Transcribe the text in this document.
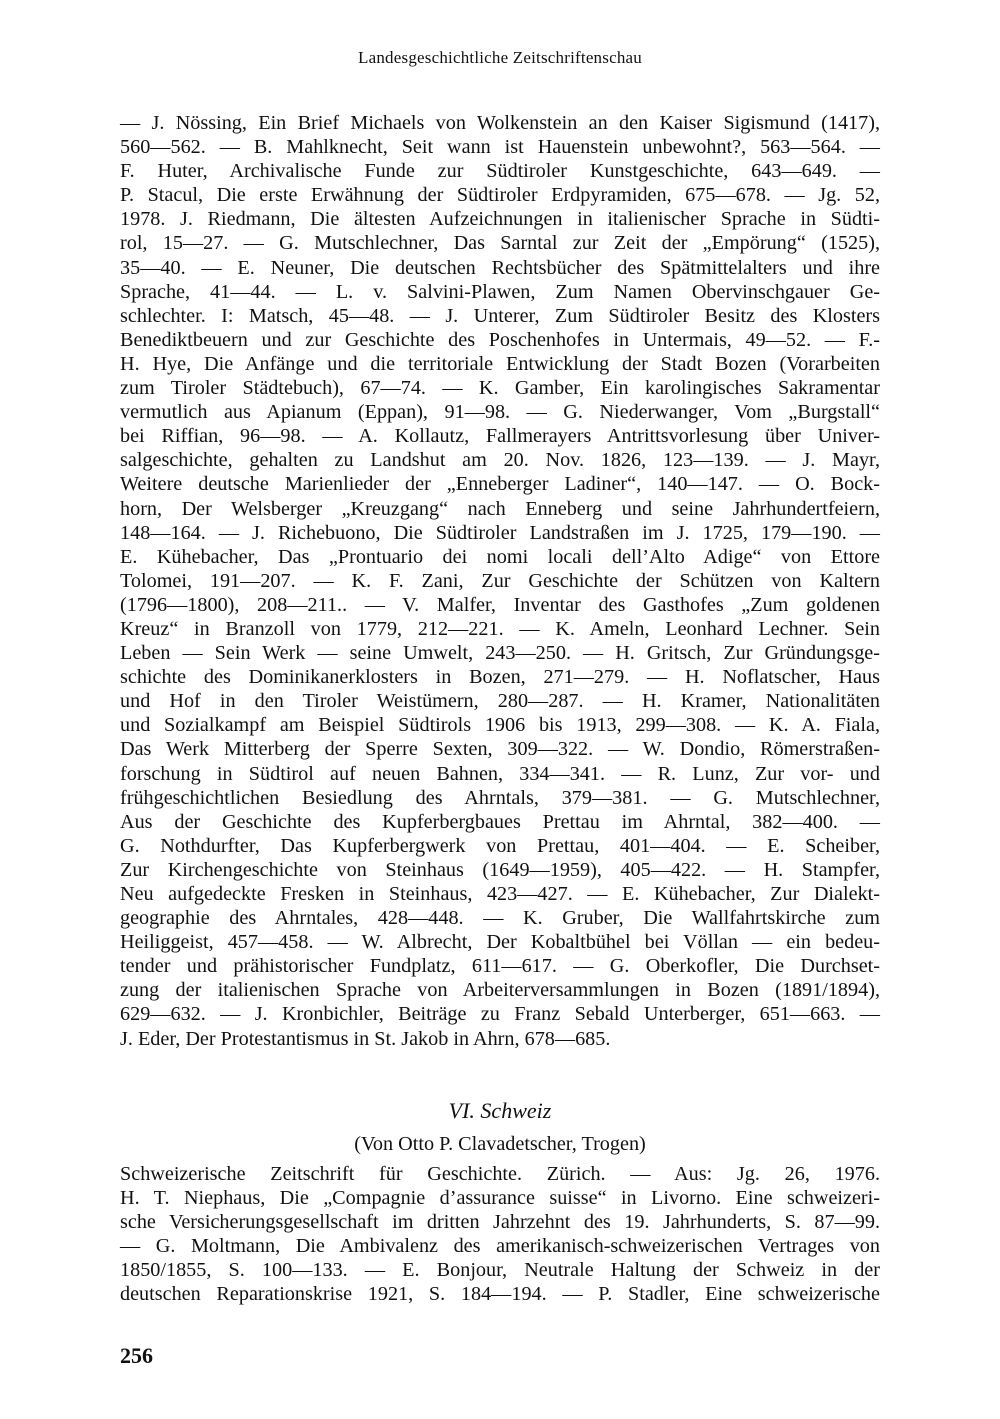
Landesgeschichtliche Zeitschriftenschau
— J. Nössing, Ein Brief Michaels von Wolkenstein an den Kaiser Sigismund (1417),
560—562. — B. Mahlknecht, Seit wann ist Hauenstein unbewohnt?, 563—564. —
F. Huter, Archivalische Funde zur Südtiroler Kunstgeschichte, 643—649. —
P. Stacul, Die erste Erwähnung der Südtiroler Erdpyramiden, 675—678. — Jg. 52,
1978. J. Riedmann, Die ältesten Aufzeichnungen in italienischer Sprache in Südti-
rol, 15—27. — G. Mutschlechner, Das Sarntal zur Zeit der „Empörung“ (1525),
35—40. — E. Neuner, Die deutschen Rechtsbücher des Spätmittelalters und ihre
Sprache, 41—44. — L. v. Salvini-Plawen, Zum Namen Obervinschgauer Ge-
schlechter. I: Matsch, 45—48. — J. Unterer, Zum Südtiroler Besitz des Klosters
Benediktbeuern und zur Geschichte des Poschenhofes in Untermais, 49—52. — F.-
H. Hye, Die Anfänge und die territoriale Entwicklung der Stadt Bozen (Vorarbeiten
zum Tiroler Städtebuch), 67—74. — K. Gamber, Ein karolingisches Sakramentar
vermutlich aus Apianum (Eppan), 91—98. — G. Niederwanger, Vom „Burgstall“
bei Riffian, 96—98. — A. Kollautz, Fallmerayers Antrittsvorlesung über Univer-
salgeschichte, gehalten zu Landshut am 20. Nov. 1826, 123—139. — J. Mayr,
Weitere deutsche Marienlieder der „Enneberger Ladiner“, 140—147. — O. Bock-
horn, Der Welsberger „Kreuzgang“ nach Enneberg und seine Jahrhundertfeiern,
148—164. — J. Richebuono, Die Südtiroler Landstraßen im J. 1725, 179—190. —
E. Kühebacher, Das „Prontuario dei nomi locali dell’Alto Adige“ von Ettore
Tolomei, 191—207. — K. F. Zani, Zur Geschichte der Schützen von Kaltern
(1796—1800), 208—211.. — V. Malfer, Inventar des Gasthofes „Zum goldenen
Kreuz“ in Branzoll von 1779, 212—221. — K. Ameln, Leonhard Lechner. Sein
Leben — Sein Werk — seine Umwelt, 243—250. — H. Gritsch, Zur Gründungsge-
schichte des Dominikanerklosters in Bozen, 271—279. — H. Noflatscher, Haus
und Hof in den Tiroler Weistümern, 280—287. — H. Kramer, Nationalitäten
und Sozialkampf am Beispiel Südtirols 1906 bis 1913, 299—308. — K. A. Fiala,
Das Werk Mitterberg der Sperre Sexten, 309—322. — W. Dondio, Römerstraßen-
forschung in Südtirol auf neuen Bahnen, 334—341. — R. Lunz, Zur vor- und
frühgeschichtlichen Besiedlung des Ahrntals, 379—381. — G. Mutschlechner,
Aus der Geschichte des Kupferbergbaues Prettau im Ahrntal, 382—400. —
G. Nothdurfter, Das Kupferbergwerk von Prettau, 401—404. — E. Scheiber,
Zur Kirchengeschichte von Steinhaus (1649—1959), 405—422. — H. Stampfer,
Neu aufgedeckte Fresken in Steinhaus, 423—427. — E. Kühebacher, Zur Dialekt-
geographie des Ahrntales, 428—448. — K. Gruber, Die Wallfahrtskirche zum
Heiliggeist, 457—458. — W. Albrecht, Der Kobaltbühel bei Völlan — ein bedeu-
tender und prähistorischer Fundplatz, 611—617. — G. Oberkofler, Die Durchset-
zung der italienischen Sprache von Arbeiterversammlungen in Bozen (1891/1894),
629—632. — J. Kronbichler, Beiträge zu Franz Sebald Unterberger, 651—663. —
J. Eder, Der Protestantismus in St. Jakob in Ahrn, 678—685.
VI. Schweiz
(Von Otto P. Clavadetscher, Trogen)
Schweizerische Zeitschrift für Geschichte. Zürich. — Aus: Jg. 26, 1976.
H. T. Niephaus, Die „Compagnie d’assurance suisse“ in Livorno. Eine schweizeri-
sche Versicherungsgesellschaft im dritten Jahrzehnt des 19. Jahrhunderts, S. 87—99.
— G. Moltmann, Die Ambivalenz des amerikanisch-schweizerischen Vertrages von
1850/1855, S. 100—133. — E. Bonjour, Neutrale Haltung der Schweiz in der
deutschen Reparationskrise 1921, S. 184—194. — P. Stadler, Eine schweizerische
256
